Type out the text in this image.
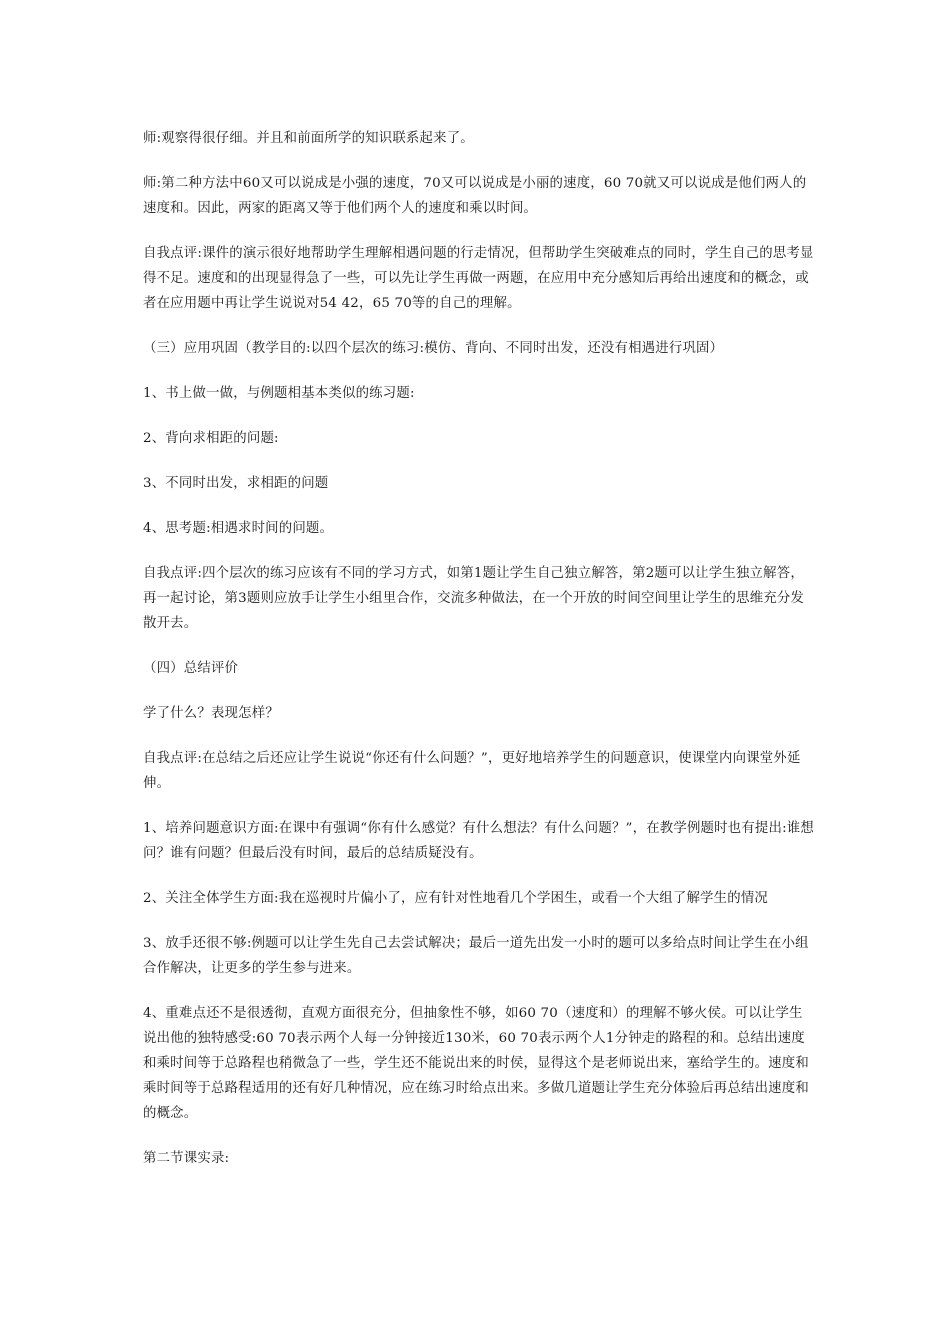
师:观察得很仔细。并且和前面所学的知识联系起来了。

师:第二种方法中60又可以说成是小强的速度，70又可以说成是小丽的速度，60 70就又可以说成是他们两人的速度和。因此，两家的距离又等于他们两个人的速度和乘以时间。

自我点评:课件的演示很好地帮助学生理解相遇问题的行走情况，但帮助学生突破难点的同时，学生自己的思考显得不足。速度和的出现显得急了一些，可以先让学生再做一两题，在应用中充分感知后再给出速度和的概念，或者在应用题中再让学生说说对54 42，65 70等的自己的理解。

（三）应用巩固（教学目的:以四个层次的练习:模仿、背向、不同时出发，还没有相遇进行巩固）

1、书上做一做，与例题相基本类似的练习题:

2、背向求相距的问题:

3、不同时出发，求相距的问题

4、思考题:相遇求时间的问题。

自我点评:四个层次的练习应该有不同的学习方式，如第1题让学生自己独立解答，第2题可以让学生独立解答，再一起讨论，第3题则应放手让学生小组里合作，交流多种做法，在一个开放的时间空间里让学生的思维充分发散开去。

（四）总结评价

学了什么？表现怎样？

自我点评:在总结之后还应让学生说说“你还有什么问题？”，更好地培养学生的问题意识，使课堂内向课堂外延伸。

1、培养问题意识方面:在课中有强调“你有什么感觉？有什么想法？有什么问题？”，在教学例题时也有提出:谁想问？谁有问题？但最后没有时间，最后的总结质疑没有。

2、关注全体学生方面:我在巡视时片偏小了，应有针对性地看几个学困生，或看一个大组了解学生的情况

3、放手还很不够:例题可以让学生先自己去尝试解决；最后一道先出发一小时的题可以多给点时间让学生在小组合作解决，让更多的学生参与进来。

4、重难点还不是很透彻，直观方面很充分，但抽象性不够，如60 70（速度和）的理解不够火侯。可以让学生说出他的独特感受:60 70表示两个人每一分钟接近130米，60 70表示两个人1分钟走的路程的和。总结出速度和乘时间等于总路程也稍微急了一些，学生还不能说出来的时侯，显得这个是老师说出来，塞给学生的。速度和乘时间等于总路程适用的还有好几种情况，应在练习时给点出来。多做几道题让学生充分体验后再总结出速度和的概念。

第二节课实录:
